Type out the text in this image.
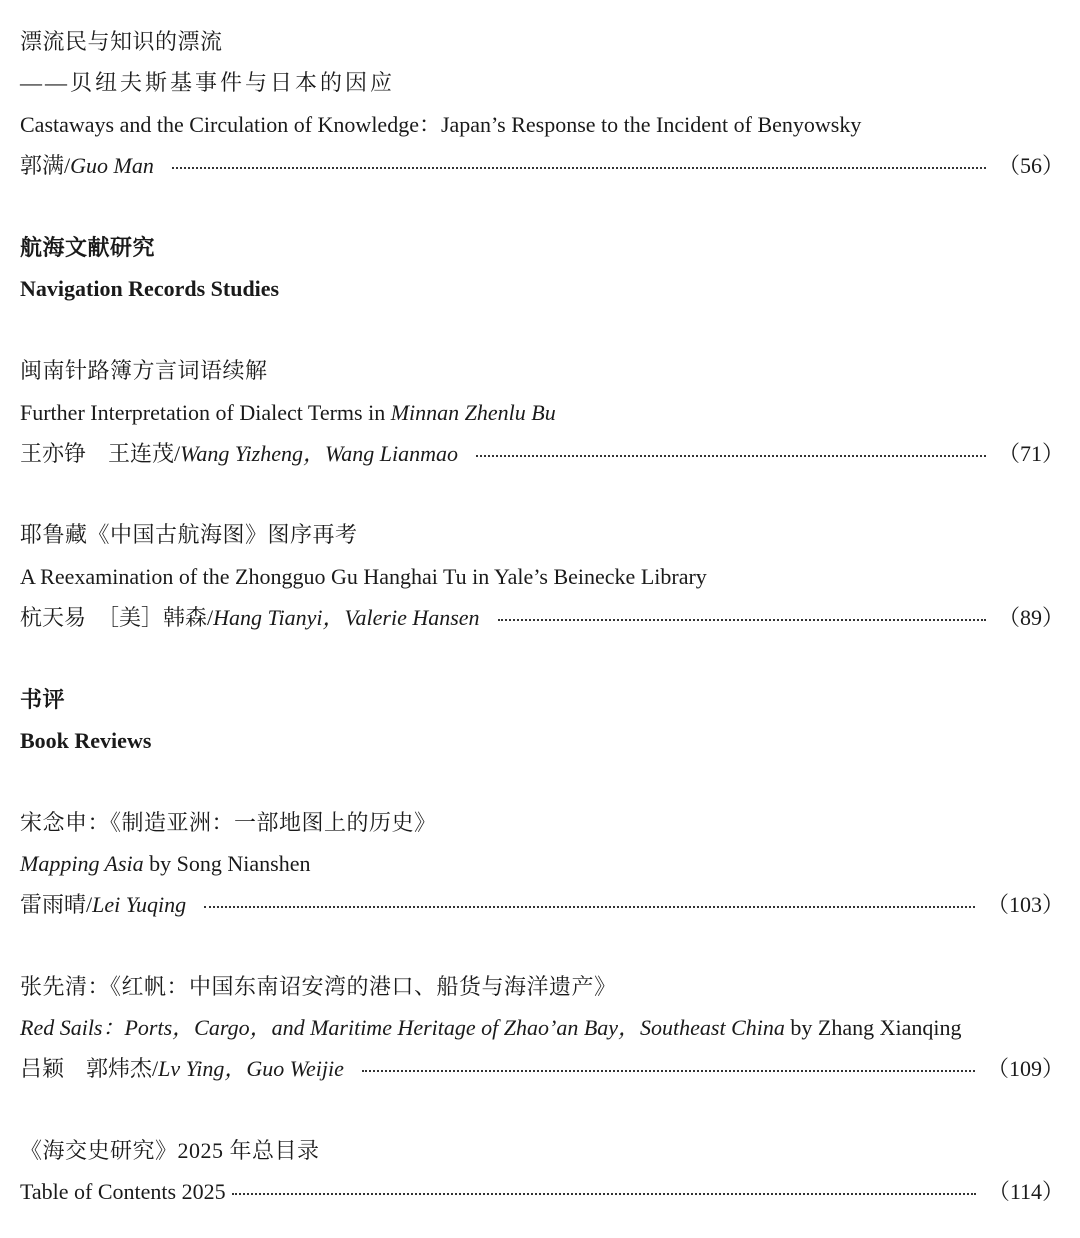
漂流民与知识的漂流
——贝纽夫斯基事件与日本的因应
Castaways and the Circulation of Knowledge：Japan’s Response to the Incident of Benyowsky
郭满/Guo Man	（56）
航海文献研究
Navigation Records Studies
闽南针路簿方言词语续解
Further Interpretation of Dialect Terms in Minnan Zhenlu Bu
王亦铮　王连茂/Wang Yizheng，Wang Lianmao	（71）
耶鲁藏《中国古航海图》图序再考
A Reexamination of the Zhongguo Gu Hanghai Tu in Yale’s Beinecke Library
杭天易　［美］韩森/Hang Tianyi，Valerie Hansen	（89）
书评
Book Reviews
宋念申：《制造亚洲：一部地图上的历史》
Mapping Asia by Song Nianshen
雷雨晴/Lei Yuqing	（103）
张先清：《红帆：中国东南诏安湾的港口、船货与海洋遗产》
Red Sails：Ports，Cargo，and Maritime Heritage of Zhao’an Bay，Southeast China by Zhang Xianqing
吕颖　郭炜杰/Lv Ying，Guo Weijie	（109）
《海交史研究》2025 年总目录
Table of Contents 2025	（114）
